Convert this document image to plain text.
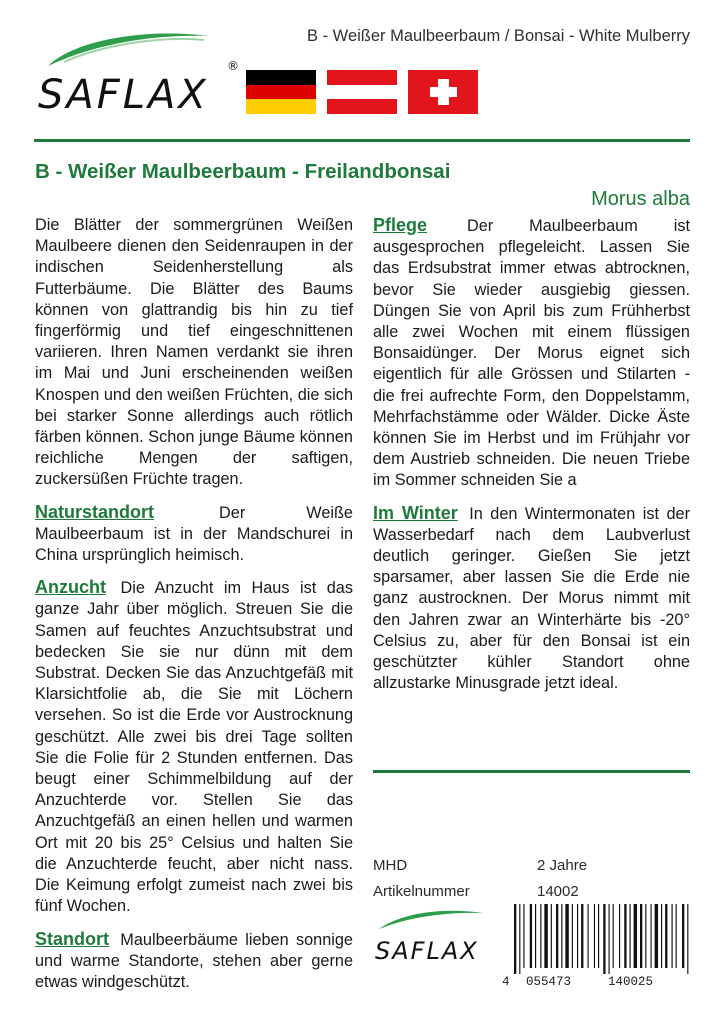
SAFLAX
®
B - Weißer Maulbeerbaum / Bonsai - White Mulberry
B - Weißer Maulbeerbaum - Freilandbonsai
Morus alba

Die Blätter der sommergrünen Weißen Maulbeere dienen den Seidenraupen in der indischen Seidenherstellung als Futterbäume. Die Blätter des Baums können von glattrandig bis hin zu tief fingerförmig und tief eingeschnittenen variieren. Ihren Namen verdankt sie ihren im Mai und Juni erscheinenden weißen Knospen und den weißen Früchten, die sich bei starker Sonne allerdings auch rötlich färben können. Schon junge Bäume können reichliche Mengen der saftigen, zuckersüßen Früchte tragen.

Naturstandort	Der Weiße Maulbeerbaum ist in der Mandschurei in China ursprünglich heimisch.

Anzucht Die Anzucht im Haus ist das ganze Jahr über möglich. Streuen Sie die Samen auf feuchtes Anzuchtsubstrat und bedecken Sie sie nur dünn mit dem Substrat. Decken Sie das Anzuchtgefäß mit Klarsichtfolie ab, die Sie mit Löchern versehen. So ist die Erde vor Austrocknung geschützt. Alle zwei bis drei Tage sollten Sie die Folie für 2 Stunden entfernen. Das beugt einer Schimmelbildung auf der Anzuchterde vor. Stellen Sie das Anzuchtgefäß an einen hellen und warmen Ort mit 20 bis 25° Celsius und halten Sie die Anzuchterde feucht, aber nicht nass. Die Keimung erfolgt zumeist nach zwei bis fünf Wochen.

Standort Maulbeerbäume lieben sonnige und warme Standorte, stehen aber gerne etwas windgeschützt.

Pflege Der Maulbeerbaum ist ausgesprochen pflegeleicht. Lassen Sie das Erdsubstrat immer etwas abtrocknen, bevor Sie wieder ausgiebig giessen. Düngen Sie von April bis zum Frühherbst alle zwei Wochen mit einem flüssigen Bonsaidünger. Der Morus eignet sich eigentlich für alle Grössen und Stilarten - die frei aufrechte Form, den Doppelstamm, Mehrfachstämme oder Wälder. Dicke Äste können Sie im Herbst und im Frühjahr vor dem Austrieb schneiden. Die neuen Triebe im Sommer schneiden Sie a

Im Winter In den Wintermonaten ist der Wasserbedarf nach dem Laubverlust deutlich geringer. Gießen Sie jetzt sparsamer, aber lassen Sie die Erde nie ganz austrocknen. Der Morus nimmt mit den Jahren zwar an Winterhärte bis -20° Celsius zu, aber für den Bonsai ist ein geschützter kühler Standort ohne allzustarke Minusgrade jetzt ideal.

MHD	2 Jahre
Artikelnummer	14002
SAFLAX
4 055473	140025
